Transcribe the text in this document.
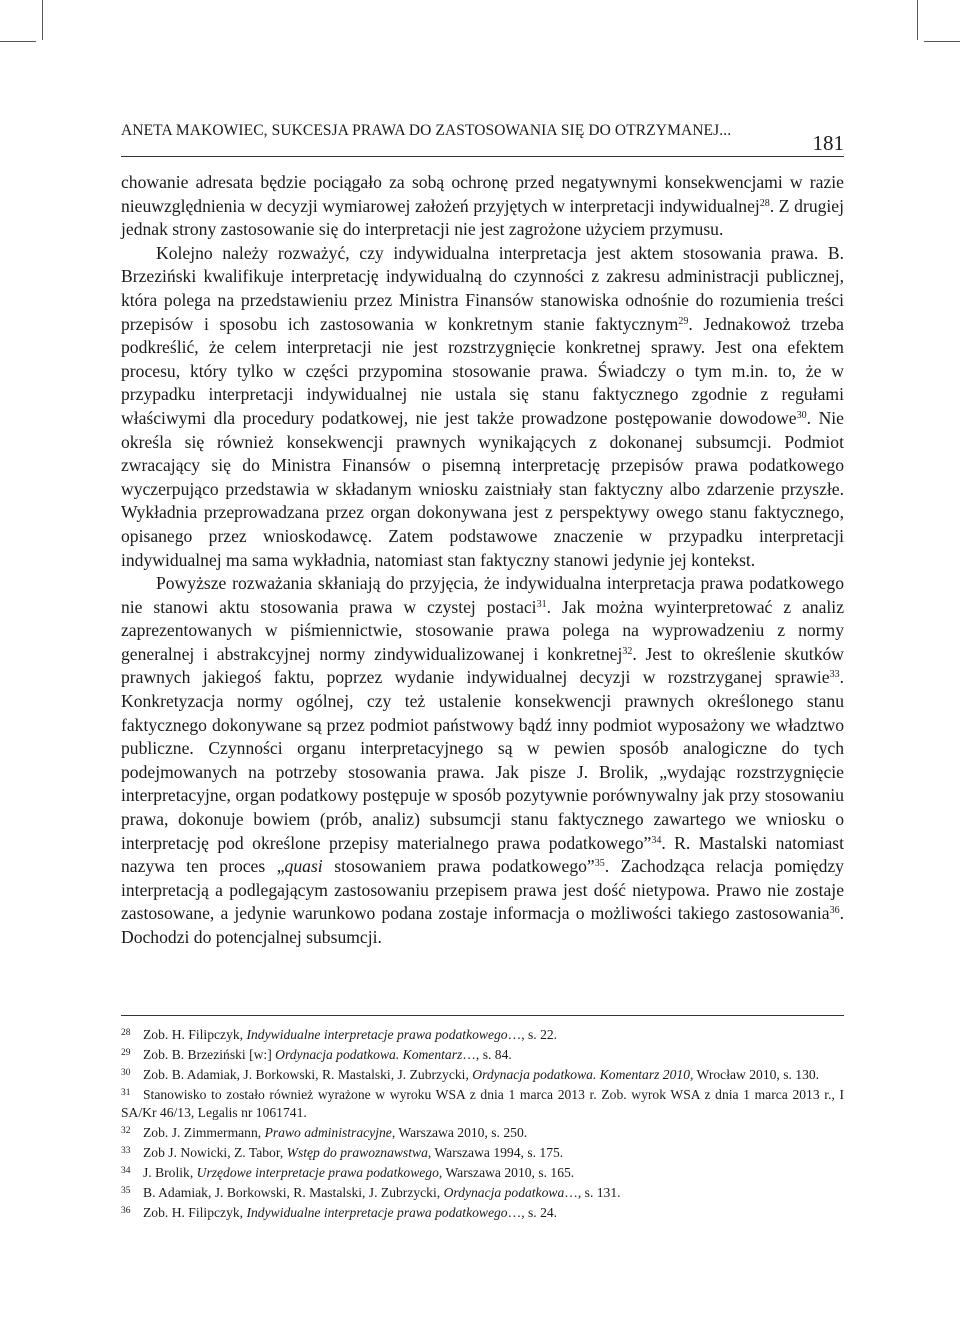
ANETA MAKOWIEC, SUKCESJA PRAWA DO ZASTOSOWANIA SIĘ DO OTRZYMANEJ...
181

chowanie adresata będzie pociągało za sobą ochronę przed negatywnymi konsekwencjami w razie nieuwzględnienia w decyzji wymiarowej założeń przyjętych w interpretacji indywidualnej$^{28}$. Z drugiej jednak strony zastosowanie się do interpretacji nie jest zagrożone użyciem przymusu.

Kolejno należy rozważyć, czy indywidualna interpretacja jest aktem stosowania prawa. B. Brzeziński kwalifikuje interpretację indywidualną do czynności z zakresu administracji publicznej, która polega na przedstawieniu przez Ministra Finansów stanowiska odnośnie do rozumienia treści przepisów i sposobu ich zastosowania w konkretnym stanie faktycznym$^{29}$. Jednakowoż trzeba podkreślić, że celem interpretacji nie jest rozstrzygnięcie konkretnej sprawy. Jest ona efektem procesu, który tylko w części przypomina stosowanie prawa. Świadczy o tym m.in. to, że w przypadku interpretacji indywidualnej nie ustala się stanu faktycznego zgodnie z regułami właściwymi dla procedury podatkowej, nie jest także prowadzone postępowanie dowodowe$^{30}$. Nie określa się również konsekwencji prawnych wynikających z dokonanej subsumcji. Podmiot zwracający się do Ministra Finansów o pisemną interpretację przepisów prawa podatkowego wyczerpująco przedstawia w składanym wniosku zaistniały stan faktyczny albo zdarzenie przyszłe. Wykładnia przeprowadzana przez organ dokonywana jest z perspektywy owego stanu faktycznego, opisanego przez wnioskodawcę. Zatem podstawowe znaczenie w przypadku interpretacji indywidualnej ma sama wykładnia, natomiast stan faktyczny stanowi jedynie jej kontekst.

Powyższe rozważania skłaniają do przyjęcia, że indywidualna interpretacja prawa podatkowego nie stanowi aktu stosowania prawa w czystej postaci$^{31}$. Jak można wyinterpretować z analiz zaprezentowanych w piśmiennictwie, stosowanie prawa polega na wyprowadzeniu z normy generalnej i abstrakcyjnej normy zindywidualizowanej i konkretnej$^{32}$. Jest to określenie skutków prawnych jakiegoś faktu, poprzez wydanie indywidualnej decyzji w rozstrzyganej sprawie$^{33}$. Konkretyzacja normy ogólnej, czy też ustalenie konsekwencji prawnych określonego stanu faktycznego dokonywane są przez podmiot państwowy bądź inny podmiot wyposażony we władztwo publiczne. Czynności organu interpretacyjnego są w pewien sposób analogiczne do tych podejmowanych na potrzeby stosowania prawa. Jak pisze J. Brolik, „wydając rozstrzygnięcie interpretacyjne, organ podatkowy postępuje w sposób pozytywnie porównywalny jak przy stosowaniu prawa, dokonuje bowiem (prób, analiz) subsumcji stanu faktycznego zawartego we wniosku o interpretację pod określone przepisy materialnego prawa podatkowego”$^{34}$. R. Mastalski natomiast nazywa ten proces „quasi stosowaniem prawa podatkowego”$^{35}$. Zachodząca relacja pomiędzy interpretacją a podlegającym zastosowaniu przepisem prawa jest dość nietypowa. Prawo nie zostaje zastosowane, a jedynie warunkowo podana zostaje informacja o możliwości takiego zastosowania$^{36}$. Dochodzi do potencjalnej subsumcji.

28 Zob. H. Filipczyk, Indywidualne interpretacje prawa podatkowego…, s. 22.
29 Zob. B. Brzeziński [w:] Ordynacja podatkowa. Komentarz…, s. 84.
30 Zob. B. Adamiak, J. Borkowski, R. Mastalski, J. Zubrzycki, Ordynacja podatkowa. Komentarz 2010, Wrocław 2010, s. 130.
31 Stanowisko to zostało również wyrażone w wyroku WSA z dnia 1 marca 2013 r. Zob. wyrok WSA z dnia 1 marca 2013 r., I SA/Kr 46/13, Legalis nr 1061741.
32 Zob. J. Zimmermann, Prawo administracyjne, Warszawa 2010, s. 250.
33 Zob J. Nowicki, Z. Tabor, Wstęp do prawoznawstwa, Warszawa 1994, s. 175.
34 J. Brolik, Urzędowe interpretacje prawa podatkowego, Warszawa 2010, s. 165.
35 B. Adamiak, J. Borkowski, R. Mastalski, J. Zubrzycki, Ordynacja podatkowa…, s. 131.
36 Zob. H. Filipczyk, Indywidualne interpretacje prawa podatkowego…, s. 24.
